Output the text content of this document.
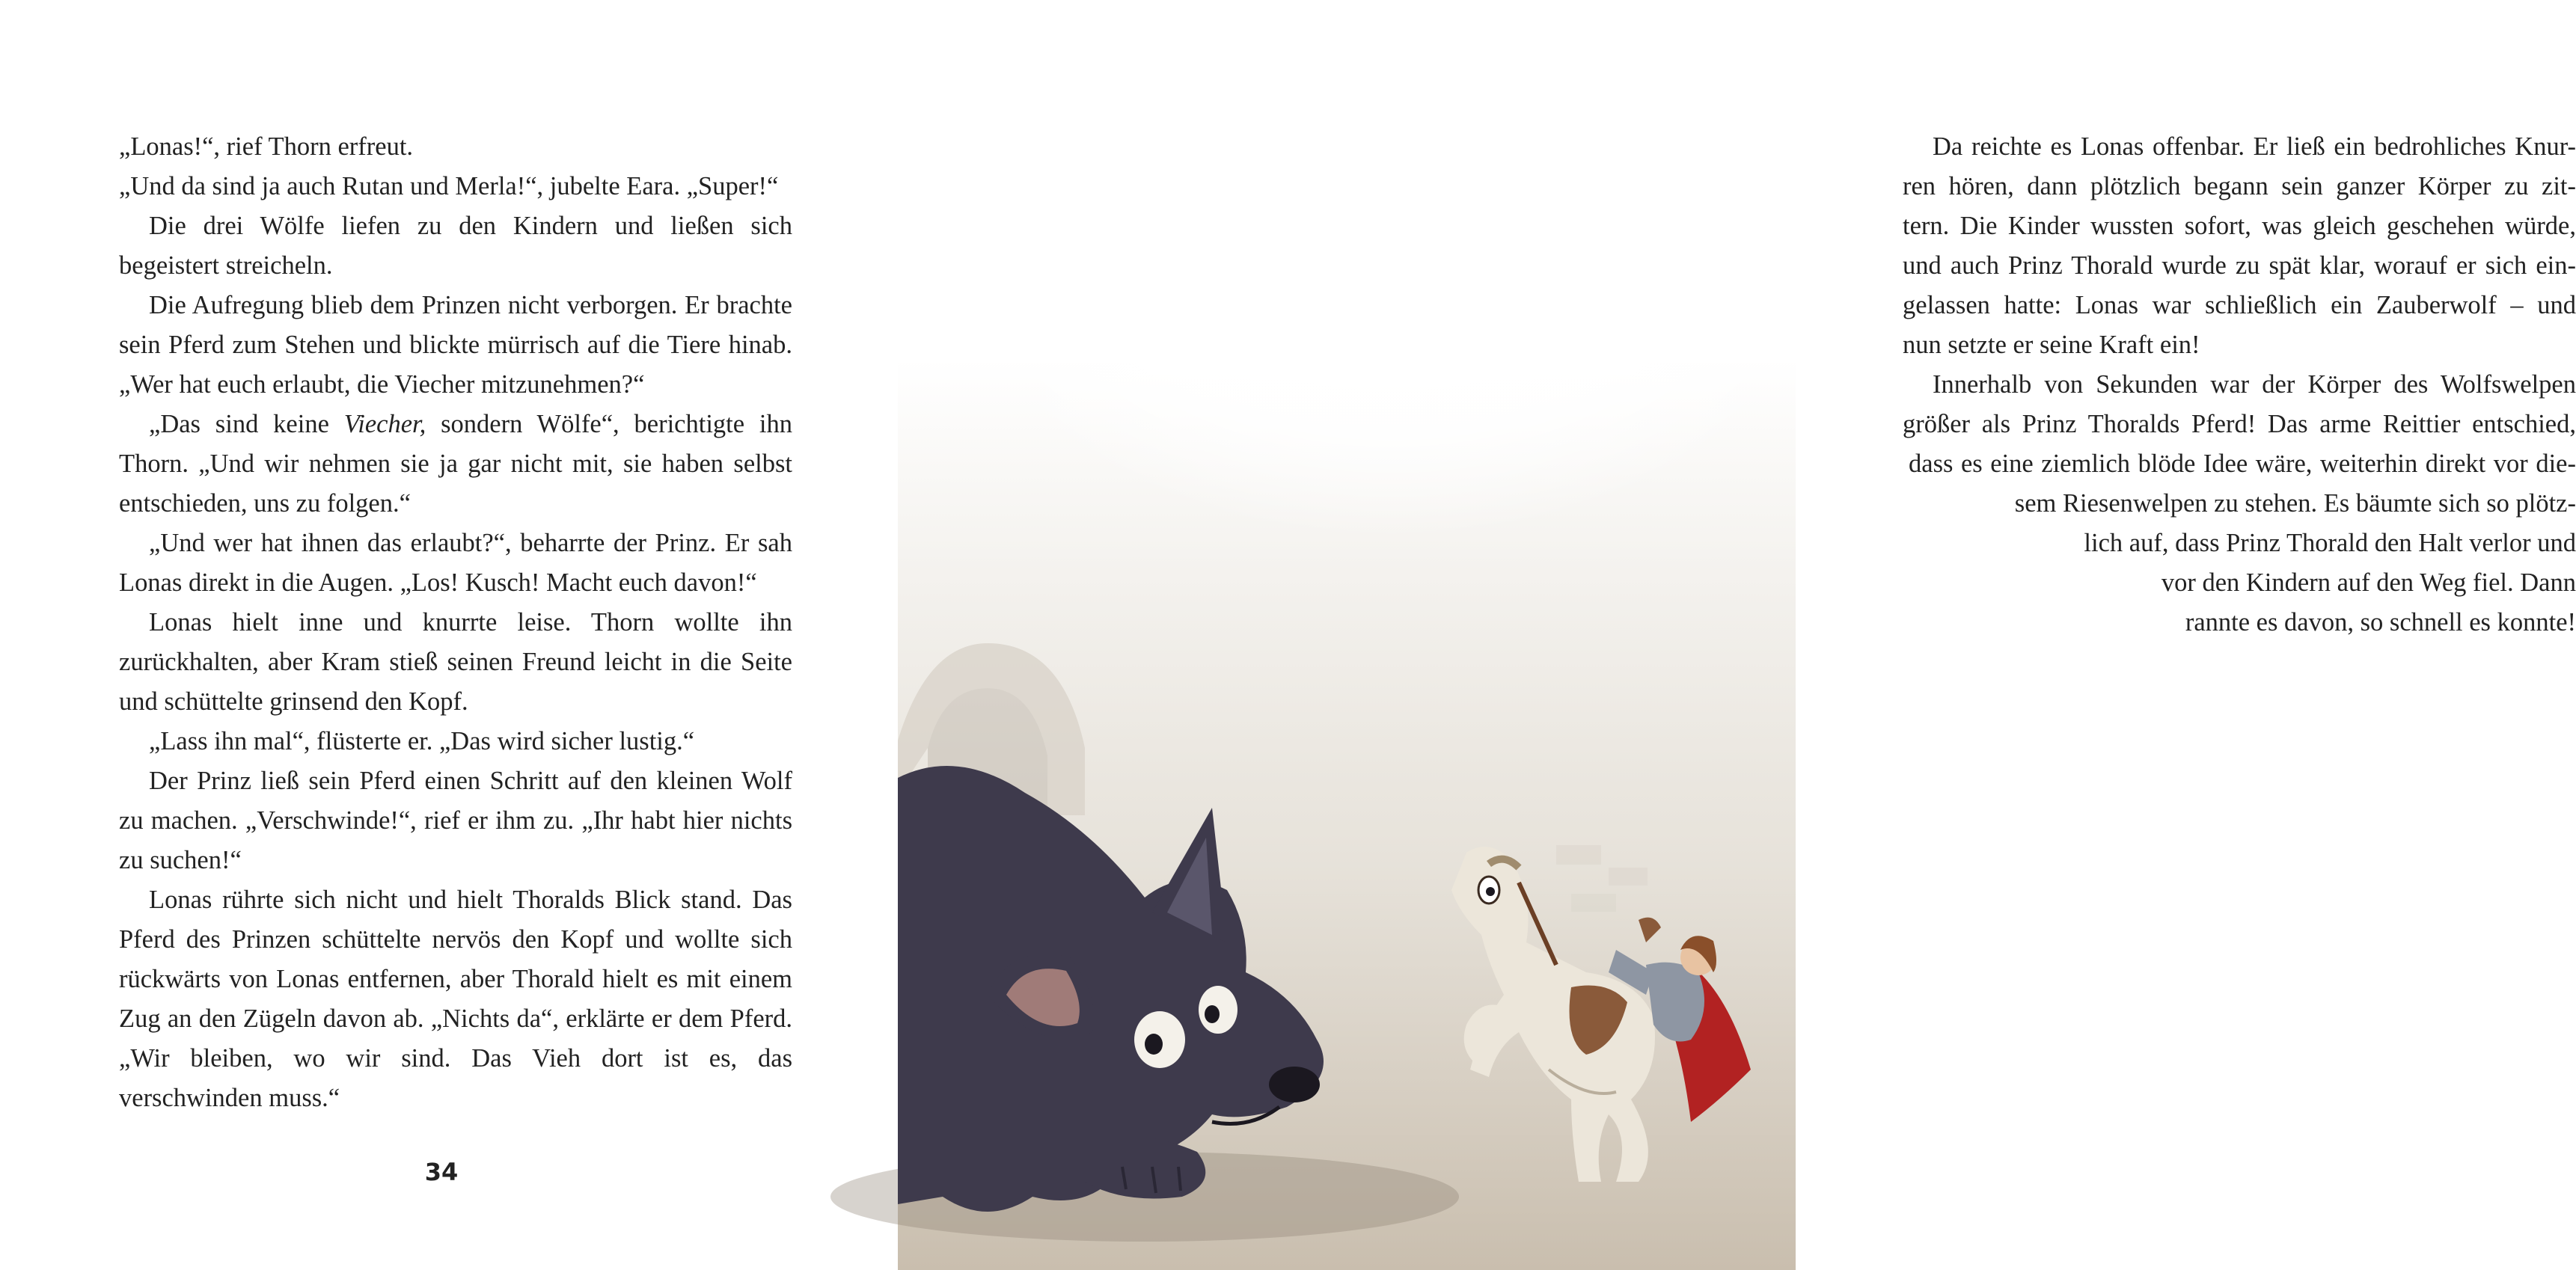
„Lonas!“, rief Thorn erfreut.

„Und da sind ja auch Rutan und Merla!“, jubelte Eara. „Super!“

Die drei Wölfe liefen zu den Kindern und ließen sich begeistert streicheln.

Die Aufregung blieb dem Prinzen nicht verborgen. Er brachte sein Pferd zum Stehen und blickte mürrisch auf die Tiere hinab. „Wer hat euch erlaubt, die Viecher mitzunehmen?“

„Das sind keine Viecher, sondern Wölfe“, berichtigte ihn Thorn. „Und wir nehmen sie ja gar nicht mit, sie haben selbst entschieden, uns zu folgen.“

„Und wer hat ihnen das erlaubt?“, beharrte der Prinz. Er sah Lonas direkt in die Augen. „Los! Kusch! Macht euch davon!“

Lonas hielt inne und knurrte leise. Thorn wollte ihn zurückhalten, aber Kram stieß seinen Freund leicht in die Seite und schüttelte grinsend den Kopf.

„Lass ihn mal“, flüsterte er. „Das wird sicher lustig.“

Der Prinz ließ sein Pferd einen Schritt auf den kleinen Wolf zu machen. „Verschwinde!“, rief er ihm zu. „Ihr habt hier nichts zu suchen!“

Lonas rührte sich nicht und hielt Thoralds Blick stand. Das Pferd des Prinzen schüttelte nervös den Kopf und wollte sich rückwärts von Lonas entfernen, aber Thorald hielt es mit einem Zug an den Zügeln davon ab. „Nichts da“, erklärte er dem Pferd. „Wir bleiben, wo wir sind. Das Vieh dort ist es, das verschwinden muss.“

34
Da reichte es Lonas offenbar. Er ließ ein bedrohliches Knur-
ren hören, dann plötzlich begann sein ganzer Körper zu zit-
tern. Die Kinder wussten sofort, was gleich geschehen würde,
und auch Prinz Thorald wurde zu spät klar, worauf er sich ein-
gelassen hatte: Lonas war schließlich ein Zauberwolf – und
nun setzte er seine Kraft ein!
Innerhalb von Sekunden war der Körper des Wolfswelpen
größer als Prinz Thoralds Pferd! Das arme Reittier entschied,
dass es eine ziemlich blöde Idee wäre, weiterhin direkt vor die-
sem Riesenwelpen zu stehen. Es bäumte sich so plötz-
lich auf, dass Prinz Thorald den Halt verlor und
vor den Kindern auf den Weg fiel. Dann
rannte es davon, so schnell es konnte!
